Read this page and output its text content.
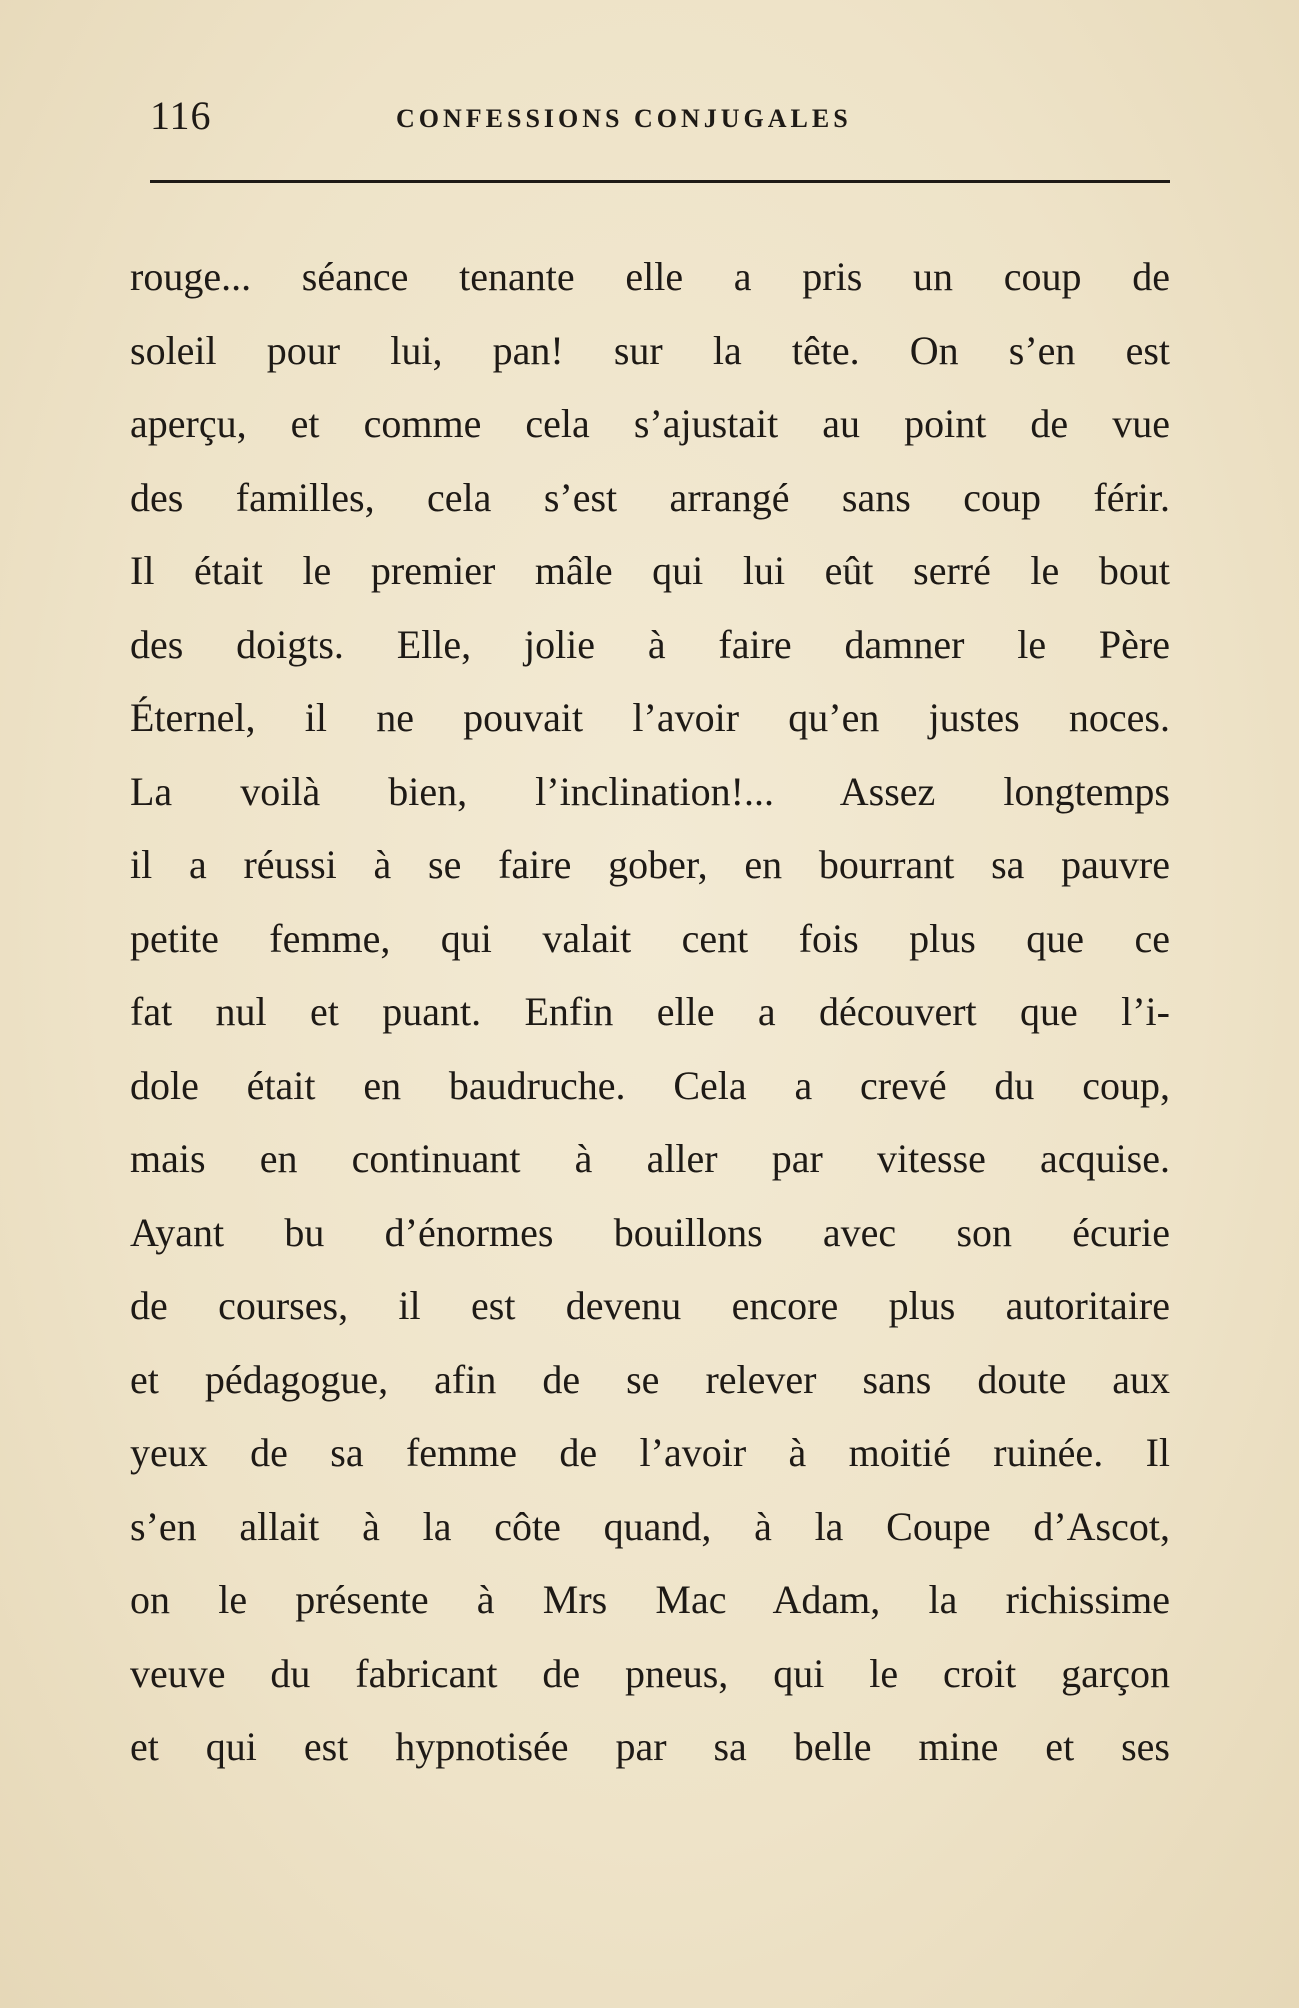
116	CONFESSIONS CONJUGALES
rouge... séance tenante elle a pris un coup de
soleil pour lui, pan! sur la tête. On s’en est
aperçu, et comme cela s’ajustait au point de vue
des familles, cela s’est arrangé sans coup férir.
Il était le premier mâle qui lui eût serré le bout
des doigts. Elle, jolie à faire damner le Père
Éternel, il ne pouvait l’avoir qu’en justes noces.
La voilà bien, l’inclination!... Assez longtemps
il a réussi à se faire gober, en bourrant sa pauvre
petite femme, qui valait cent fois plus que ce
fat nul et puant. Enfin elle a découvert que l’i-
dole était en baudruche. Cela a crevé du coup,
mais en continuant à aller par vitesse acquise.
Ayant bu d’énormes bouillons avec son écurie
de courses, il est devenu encore plus autoritaire
et pédagogue, afin de se relever sans doute aux
yeux de sa femme de l’avoir à moitié ruinée. Il
s’en allait à la côte quand, à la Coupe d’Ascot,
on le présente à Mrs Mac Adam, la richissime
veuve du fabricant de pneus, qui le croit garçon
et qui est hypnotisée par sa belle mine et ses
